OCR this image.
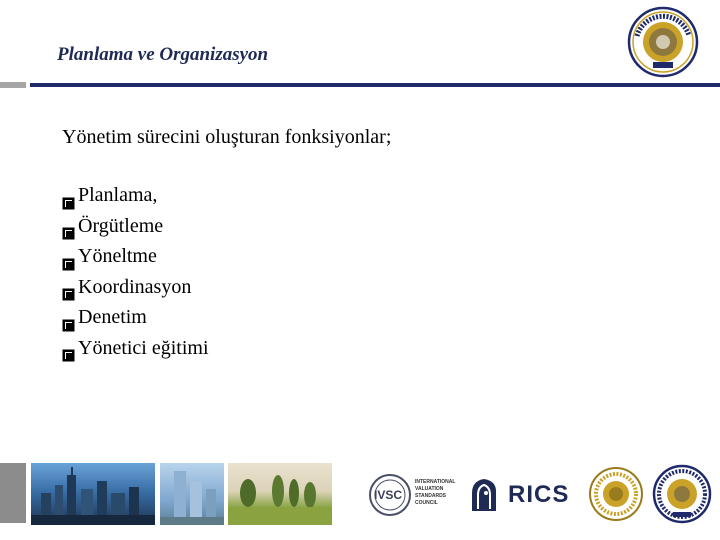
Planlama ve Organizasyon
Yönetim sürecini oluşturan fonksiyonlar;
Planlama,
Örgütleme
Yöneltme
Koordinasyon
Denetim
Yönetici eğitimi
IVSC
INTERNATIONAL
VALUATION
STANDARDS
COUNCIL	RICS
